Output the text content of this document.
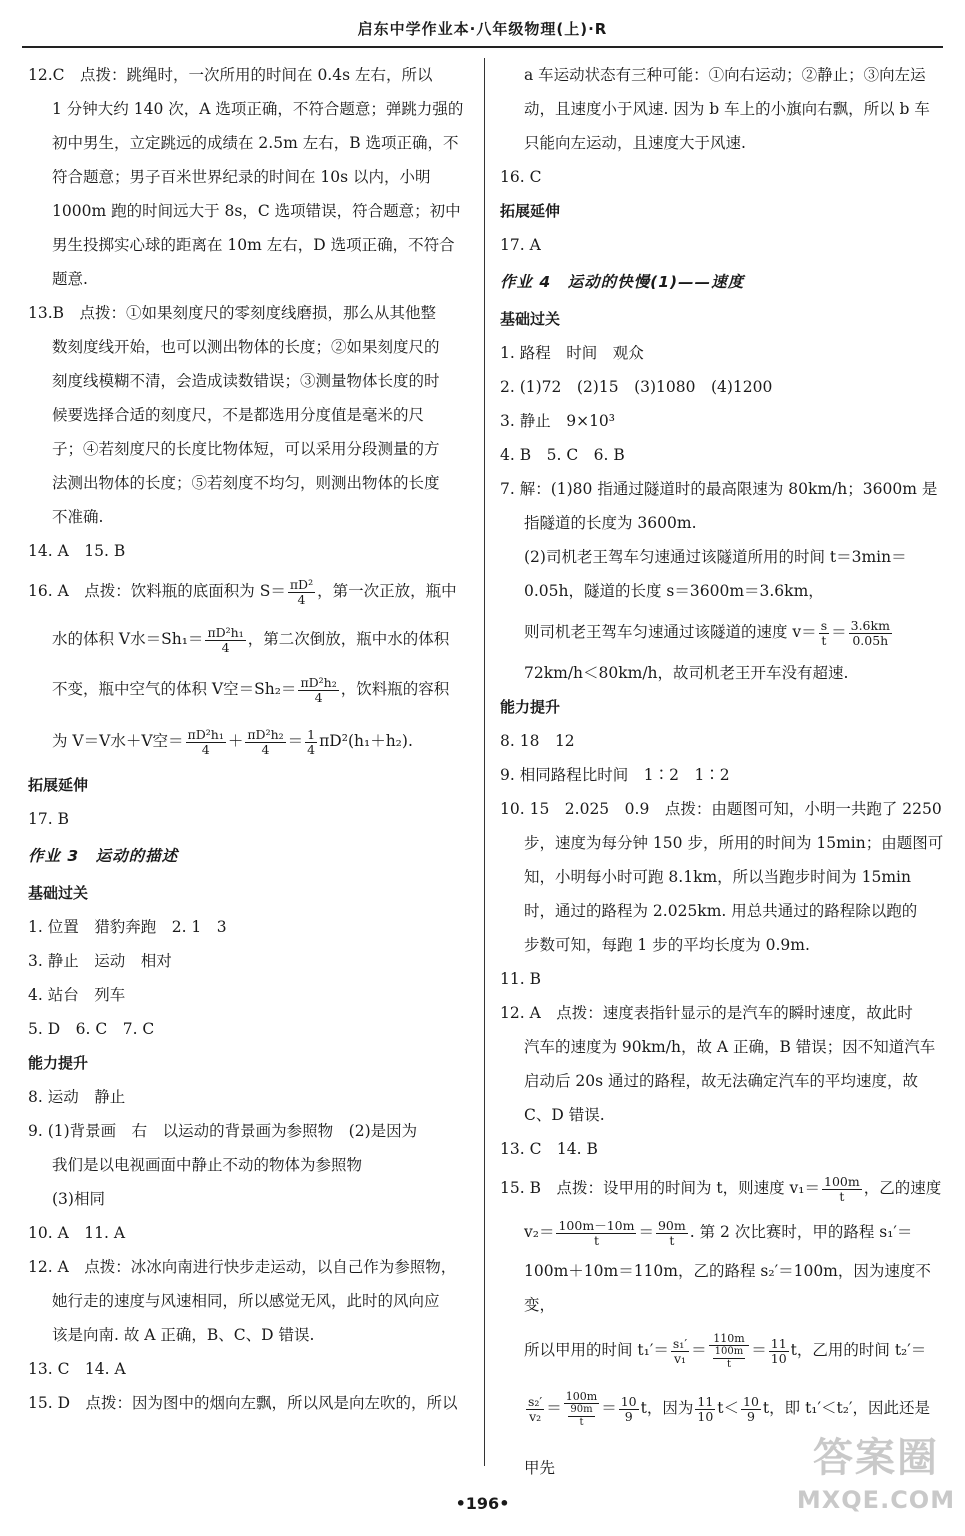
启东中学作业本·八年级物理(上)·R

12.C　点拨：跳绳时，一次所用的时间在 0.4s 左右，所以

1 分钟大约 140 次，A 选项正确，不符合题意；弹跳力强的

初中男生，立定跳远的成绩在 2.5m 左右，B 选项正确，不

符合题意；男子百米世界纪录的时间在 10s 以内，小明

1000m 跑的时间远大于 8s，C 选项错误，符合题意；初中

男生投掷实心球的距离在 10m 左右，D 选项正确，不符合

题意.

13.B　点拨：①如果刻度尺的零刻度线磨损，那么从其他整

数刻度线开始，也可以测出物体的长度；②如果刻度尺的

刻度线模糊不清，会造成读数错误；③测量物体长度的时

候要选择合适的刻度尺，不是都选用分度值是毫米的尺

子；④若刻度尺的长度比物体短，可以采用分段测量的方

法测出物体的长度；⑤若刻度不均匀，则测出物体的长度

不准确.

14. A　15. B

16. A　点拨：饮料瓶的底面积为 $S= \frac{\text{πD²}}{4}$ ，第一次正放，瓶中

水的体积 V水$=Sh_1= \frac{\text{πD²h₁}}{4}$ ，第二次倒放，瓶中水的体积

不变，瓶中空气的体积 V空$=Sh_2= \frac{\text{πD²h₂}}{4}$ ，饮料瓶的容积

为 V＝V水＋V空＝ $\frac{\text{πD²h₁}}{4} + \frac{\text{πD²h₂}}{4} = \frac{1}{4} \pi D^2(h_1+h_2)$.

拓展延伸

17. B

作业 3　运动的描述

基础过关

1. 位置　猎豹奔跑　2. 1　3

3. 静止　运动　相对

4. 站台　列车

5. D　6. C　7. C

能力提升

8. 运动　静止

9. (1)背景画　右　以运动的背景画为参照物　(2)是因为

我们是以电视画面中静止不动的物体为参照物

(3)相同

10. A　11. A

12. A　点拨：冰冰向南进行快步走运动，以自己作为参照物，

她行走的速度与风速相同，所以感觉无风，此时的风向应

该是向南. 故 A 正确，B、C、D 错误.

13. C　14. A

15. D　点拨：因为图中的烟向左飘，所以风是向左吹的，所以

a 车运动状态有三种可能：①向右运动；②静止；③向左运

动，且速度小于风速. 因为 b 车上的小旗向右飘，所以 b 车

只能向左运动，且速度大于风速.

16. C

拓展延伸

17. A

作业 4　运动的快慢(1)——速度

基础过关

1. 路程　时间　观众

2. (1)72　(2)15　(3)1080　(4)1200

3. 静止　9×10³

4. B　5. C　6. B

7. 解：(1)80 指通过隧道时的最高限速为 80km/h；3600m 是

指隧道的长度为 3600m.

(2)司机老王驾车匀速通过该隧道所用的时间 t＝3min＝

0.05h，隧道的长度 s＝3600m＝3.6km，

则司机老王驾车匀速通过该隧道的速度 $v= \frac{s}{t} = \frac{3.6km}{0.05h}$

72km/h＜80km/h，故司机老王开车没有超速.

能力提升

8. 18　12

9. 相同路程比时间　1∶2　1∶2

10. 15　2.025　0.9　点拨：由题图可知，小明一共跑了 2250

步，速度为每分钟 150 步，所用的时间为 15min；由题图可

知，小明每小时可跑 8.1km，所以当跑步时间为 15min

时，通过的路程为 2.025km. 用总共通过的路程除以跑的

步数可知，每跑 1 步的平均长度为 0.9m.

11. B

12. A　点拨：速度表指针显示的是汽车的瞬时速度，故此时

汽车的速度为 90km/h，故 A 正确，B 错误；因不知道汽车

启动后 20s 通过的路程，故无法确定汽车的平均速度，故

C、D 错误.

13. C　14. B

15. B　点拨：设甲用的时间为 t，则速度 $v_1= \frac{100m}{t}$ ，乙的速度

$v_2= \frac{100m-10m}{t} = \frac{90m}{t}$ . 第 2 次比赛时，甲的路程 s₁′＝

100m＋10m＝110m，乙的路程 s₂′＝100m，因为速度不变，

所以甲用的时间 $t_1'= \frac{\text{s₁′}}{\text{v₁}} = \frac{110m}{\frac{100m}{t}} = \frac{11}{10}$ t，乙用的时间 t₂′＝

$\frac{\text{s₂′}}{\text{v₂}} = \frac{100m}{\frac{90m}{t}} = \frac{10}{9}$ t，因为 $\frac{11}{10} t< \frac{10}{9}$ t，即 t₁′＜t₂′，因此还是甲先

•196•
答案圈
MXQE.COM
